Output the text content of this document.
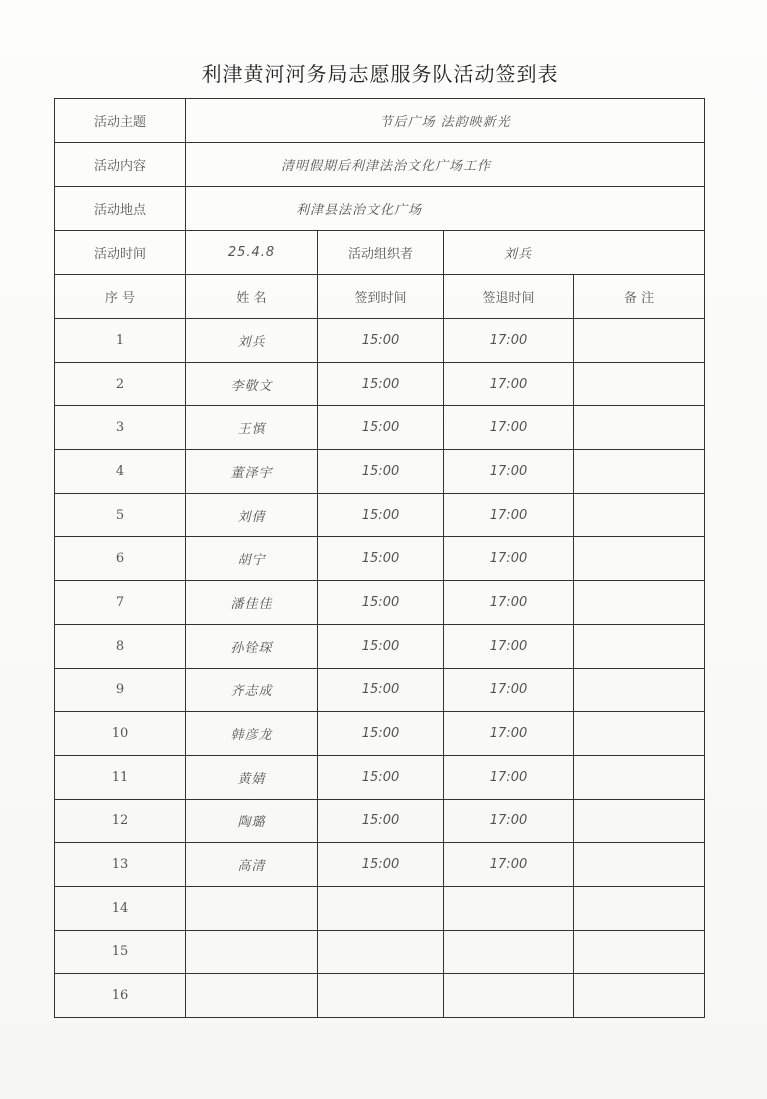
利津黄河河务局志愿服务队活动签到表
活动主题	节后广场 法韵映新光			
活动内容	清明假期后利津法治文化广场工作			
活动地点	利津县法治文化广场			
活动时间	25.4.8	活动组织者	刘兵	
序 号	姓 名	签到时间	签退时间	备 注
1	刘兵	15:00	17:00	
2	李敬文	15:00	17:00	
3	王慎	15:00	17:00	
4	董泽宇	15:00	17:00	
5	刘倩	15:00	17:00	
6	胡宁	15:00	17:00	
7	潘佳佳	15:00	17:00	
8	孙铨琛	15:00	17:00	
9	齐志成	15:00	17:00	
10	韩彦龙	15:00	17:00	
11	黄婧	15:00	17:00	
12	陶璐	15:00	17:00	
13	高清	15:00	17:00	
14				
15				
16				
